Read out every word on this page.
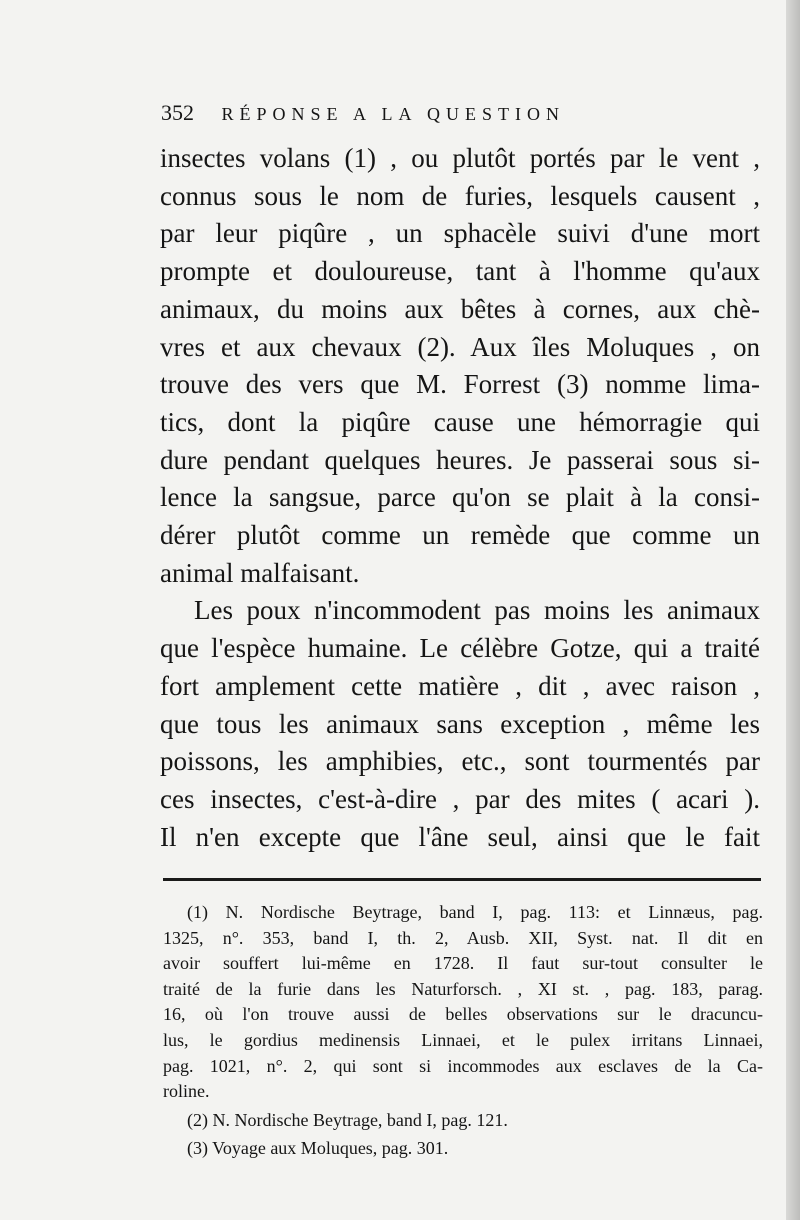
352 RÉPONSE A LA QUESTION
insectes volans (1) , ou plutôt portés par le vent ,
connus sous le nom de furies, lesquels causent ,
par leur piqûre , un sphacèle suivi d'une mort
prompte et douloureuse, tant à l'homme qu'aux
animaux, du moins aux bêtes à cornes, aux chè-
vres et aux chevaux (2). Aux îles Moluques , on
trouve des vers que M. Forrest (3) nomme lima-
tics, dont la piqûre cause une hémorragie qui
dure pendant quelques heures. Je passerai sous si-
lence la sangsue, parce qu'on se plait à la consi-
dérer plutôt comme un remède que comme un
animal malfaisant.
Les poux n'incommodent pas moins les animaux
que l'espèce humaine. Le célèbre Gotze, qui a traité
fort amplement cette matière , dit , avec raison ,
que tous les animaux sans exception , même les
poissons, les amphibies, etc., sont tourmentés par
ces insectes, c'est-à-dire , par des mites ( acari ).
Il n'en excepte que l'âne seul, ainsi que le fait
(1) N. Nordische Beytrage, band I, pag. 113: et Linnæus, pag.
1325, n°. 353, band I, th. 2, Ausb. XII, Syst. nat. Il dit en
avoir souffert lui-même en 1728. Il faut sur-tout consulter le
traité de la furie dans les Naturforsch. , XI st. , pag. 183, parag.
16, où l'on trouve aussi de belles observations sur le dracuncu-
lus, le gordius medinensis Linnaei, et le pulex irritans Linnaei,
pag. 1021, n°. 2, qui sont si incommodes aux esclaves de la Ca-
roline.
(2) N. Nordische Beytrage, band I, pag. 121.
(3) Voyage aux Moluques, pag. 301.
